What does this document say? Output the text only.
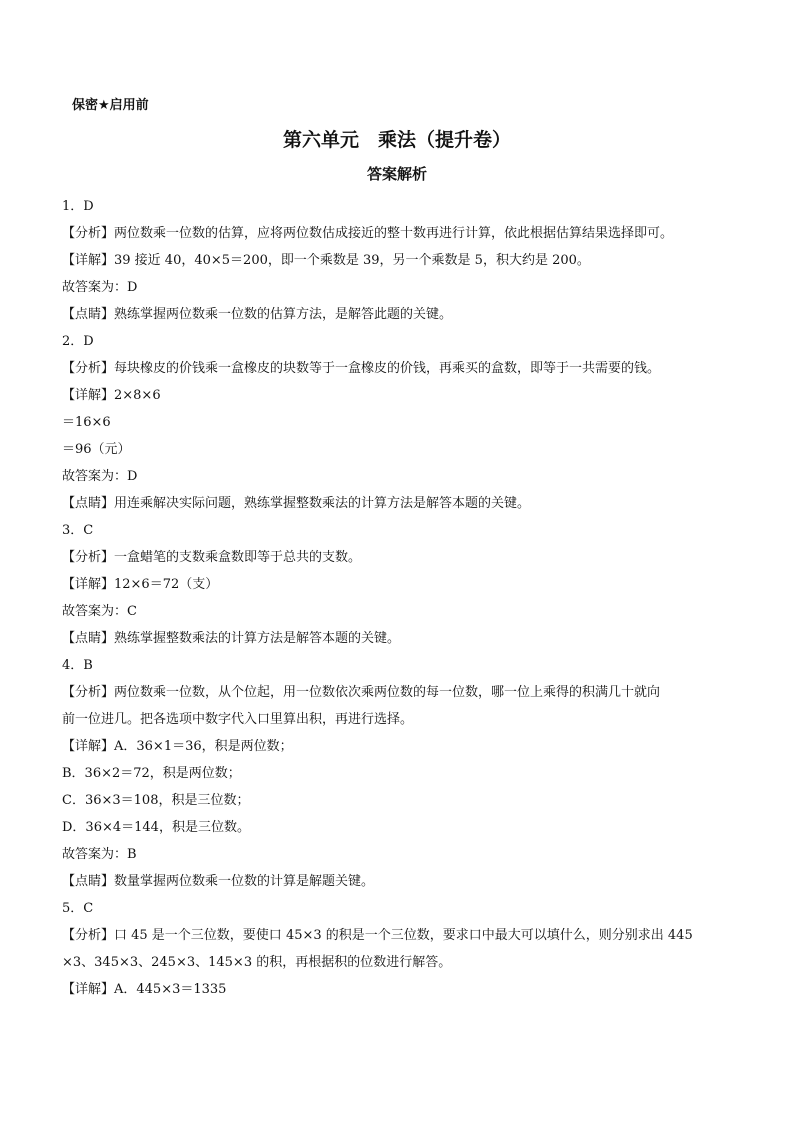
保密★启用前
第六单元　乘法（提升卷）
答案解析
1．D
【分析】两位数乘一位数的估算，应将两位数估成接近的整十数再进行计算，依此根据估算结果选择即可。
【详解】39 接近 40，40×5＝200，即一个乘数是 39，另一个乘数是 5，积大约是 200。
故答案为：D
【点睛】熟练掌握两位数乘一位数的估算方法，是解答此题的关键。
2．D
【分析】每块橡皮的价钱乘一盒橡皮的块数等于一盒橡皮的价钱，再乘买的盒数，即等于一共需要的钱。
【详解】2×8×6
＝16×6
＝96（元）
故答案为：D
【点睛】用连乘解决实际问题，熟练掌握整数乘法的计算方法是解答本题的关键。
3．C
【分析】一盒蜡笔的支数乘盒数即等于总共的支数。
【详解】12×6＝72（支）
故答案为：C
【点睛】熟练掌握整数乘法的计算方法是解答本题的关键。
4．B
【分析】两位数乘一位数，从个位起，用一位数依次乘两位数的每一位数，哪一位上乘得的积满几十就向
前一位进几。把各选项中数字代入口里算出积，再进行选择。
【详解】A．36×1＝36，积是两位数；
B．36×2＝72，积是两位数；
C．36×3＝108，积是三位数；
D．36×4＝144，积是三位数。
故答案为：B
【点睛】数量掌握两位数乘一位数的计算是解题关键。
5．C
【分析】口 45 是一个三位数，要使口 45×3 的积是一个三位数，要求口中最大可以填什么，则分别求出 445
×3、345×3、245×3、145×3 的积，再根据积的位数进行解答。
【详解】A．445×3＝1335
